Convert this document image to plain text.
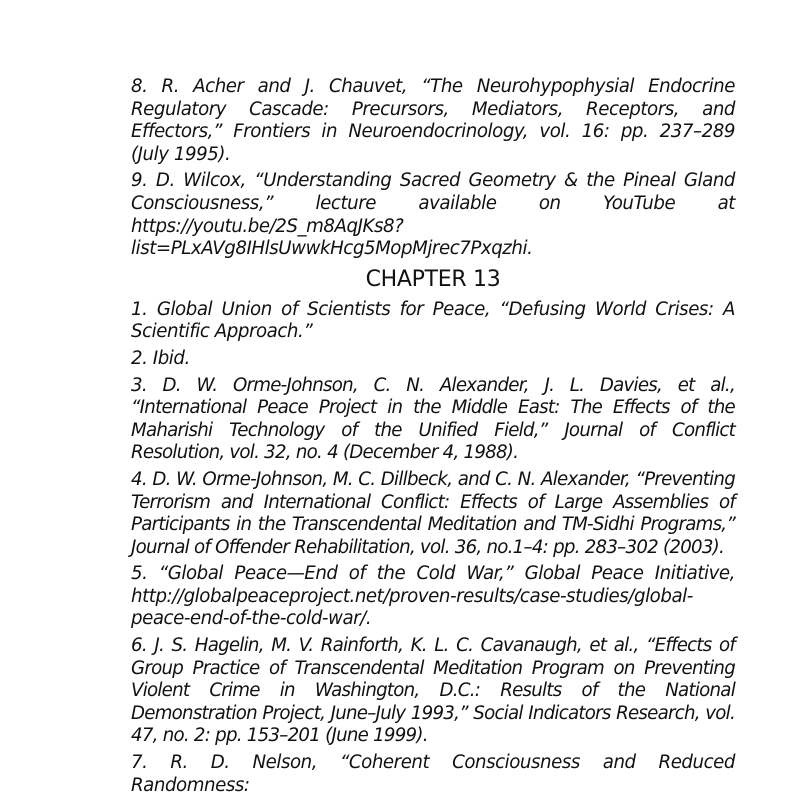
8. R. Acher and J. Chauvet, “The Neurohypophysial Endocrine Regulatory Cascade: Precursors, Mediators, Receptors, and Effectors,” Frontiers in Neuroendocrinology, vol. 16: pp. 237–289 (July 1995).

9. D. Wilcox, “Understanding Sacred Geometry & the Pineal Gland Consciousness,” lecture available on YouTube at https://youtu.be/2S_m8AqJKs8?list=PLxAVg8IHlsUwwkHcg5MopMjrec7Pxqzhi.

CHAPTER 13

1. Global Union of Scientists for Peace, “Defusing World Crises: A Scientific Approach.”

2. Ibid.

3. D. W. Orme-Johnson, C. N. Alexander, J. L. Davies, et al., “International Peace Project in the Middle East: The Effects of the Maharishi Technology of the Unified Field,” Journal of Conflict Resolution, vol. 32, no. 4 (December 4, 1988).

4. D. W. Orme-Johnson, M. C. Dillbeck, and C. N. Alexander, “Preventing Terrorism and International Conflict: Effects of Large Assemblies of Participants in the Transcendental Meditation and TM-Sidhi Programs,” Journal of Offender Rehabilitation, vol. 36, no.1–4: pp. 283–302 (2003).

5. “Global Peace—End of the Cold War,” Global Peace Initiative, http://globalpeaceproject.net/proven-results/case-studies/global-peace-end-of-the-cold-war/.

6. J. S. Hagelin, M. V. Rainforth, K. L. C. Cavanaugh, et al., “Effects of Group Practice of Transcendental Meditation Program on Preventing Violent Crime in Washington, D.C.: Results of the National Demonstration Project, June–July 1993,” Social Indicators Research, vol. 47, no. 2: pp. 153–201 (June 1999).

7. R. D. Nelson, “Coherent Consciousness and Reduced Randomness:
